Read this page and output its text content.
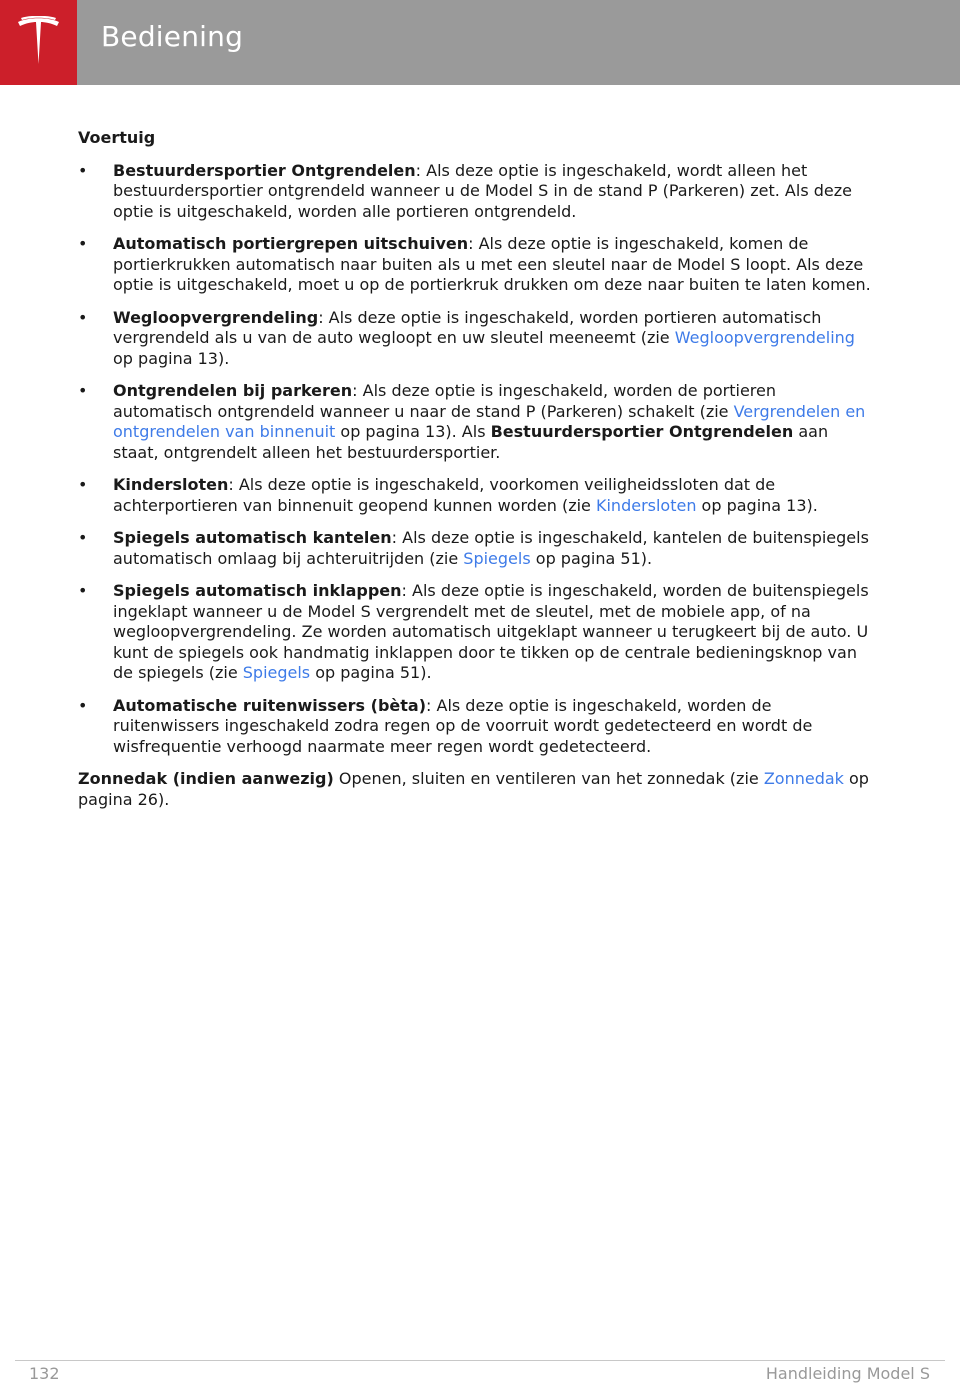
Bediening
Voertuig
• Bestuurdersportier Ontgrendelen: Als deze optie is ingeschakeld, wordt alleen het bestuurdersportier ontgrendeld wanneer u de Model S in de stand P (Parkeren) zet. Als deze optie is uitgeschakeld, worden alle portieren ontgrendeld.
• Automatisch portiergrepen uitschuiven: Als deze optie is ingeschakeld, komen de portierkrukken automatisch naar buiten als u met een sleutel naar de Model S loopt. Als deze optie is uitgeschakeld, moet u op de portierkruk drukken om deze naar buiten te laten komen.
• Wegloopvergrendeling: Als deze optie is ingeschakeld, worden portieren automatisch vergrendeld als u van de auto wegloopt en uw sleutel meeneemt (zie Wegloopvergrendeling op pagina 13).
• Ontgrendelen bij parkeren: Als deze optie is ingeschakeld, worden de portieren automatisch ontgrendeld wanneer u naar de stand P (Parkeren) schakelt (zie Vergrendelen en ontgrendelen van binnenuit op pagina 13). Als Bestuurdersportier Ontgrendelen aan staat, ontgrendelt alleen het bestuurdersportier.
• Kindersloten: Als deze optie is ingeschakeld, voorkomen veiligheidssloten dat de achterportieren van binnenuit geopend kunnen worden (zie Kindersloten op pagina 13).
• Spiegels automatisch kantelen: Als deze optie is ingeschakeld, kantelen de buitenspiegels automatisch omlaag bij achteruitrijden (zie Spiegels op pagina 51).
• Spiegels automatisch inklappen: Als deze optie is ingeschakeld, worden de buitenspiegels ingeklapt wanneer u de Model S vergrendelt met de sleutel, met de mobiele app, of na wegloopvergrendeling. Ze worden automatisch uitgeklapt wanneer u terugkeert bij de auto. U kunt de spiegels ook handmatig inklappen door te tikken op de centrale bedieningsknop van de spiegels (zie Spiegels op pagina 51).
• Automatische ruitenwissers (bèta): Als deze optie is ingeschakeld, worden de ruitenwissers ingeschakeld zodra regen op de voorruit wordt gedetecteerd en wordt de wisfrequentie verhoogd naarmate meer regen wordt gedetecteerd.
Zonnedak (indien aanwezig) Openen, sluiten en ventileren van het zonnedak (zie Zonnedak op pagina 26).
132	Handleiding Model S
